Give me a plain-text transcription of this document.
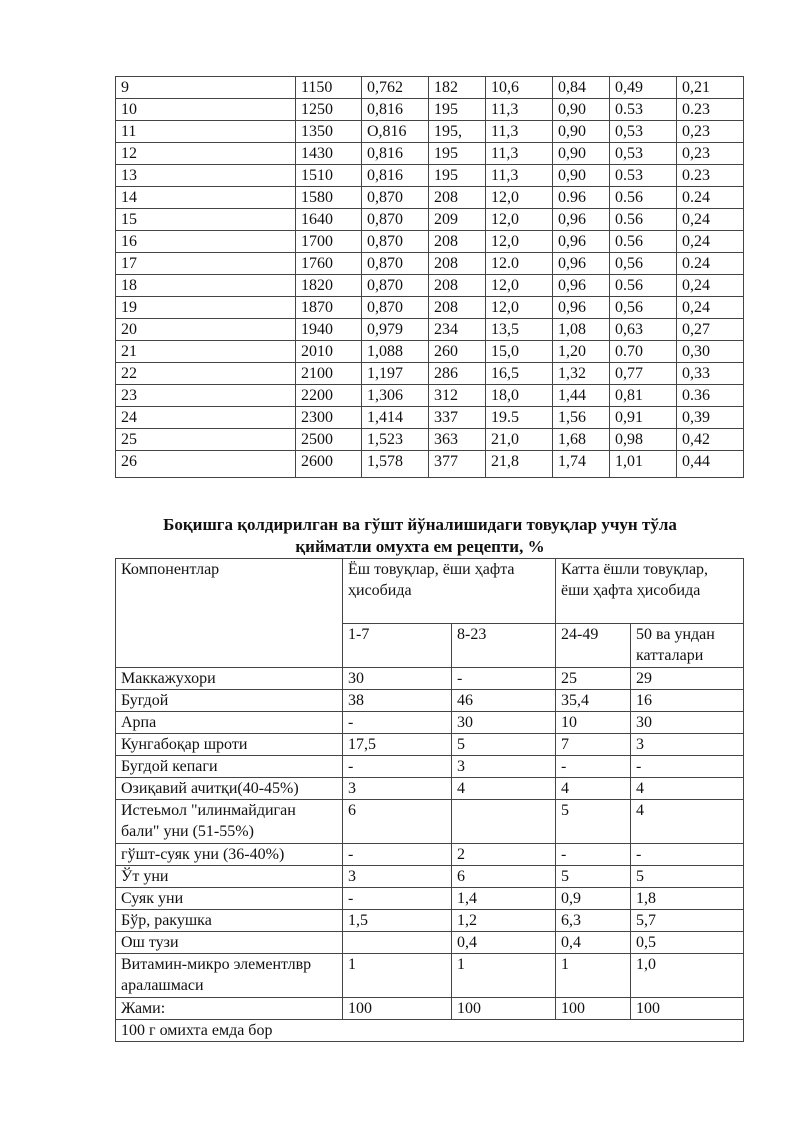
9	1150	0,762	182	10,6	0,84	0,49	0,21
10	1250	0,816	195	11,3	0,90	0.53	0.23
11	1350	O,816	195,	11,3	0,90	0,53	0,23
12	1430	0,816	195	11,3	0,90	0,53	0,23
13	1510	0,816	195	11,3	0,90	0.53	0.23
14	1580	0,870	208	12,0	0.96	0.56	0.24
15	1640	0,870	209	12,0	0,96	0.56	0,24
16	1700	0,870	208	12,0	0,96	0.56	0,24
17	1760	0,870	208	12.0	0,96	0,56	0.24
18	1820	0,870	208	12,0	0,96	0.56	0,24
19	1870	0,870	208	12,0	0,96	0,56	0,24
20	1940	0,979	234	13,5	1,08	0,63	0,27
21	2010	1,088	260	15,0	1,20	0.70	0,30
22	2100	1,197	286	16,5	1,32	0,77	0,33
23	2200	1,306	312	18,0	1,44	0,81	0.36
24	2300	1,414	337	19.5	1,56	0,91	0,39
25	2500	1,523	363	21,0	1,68	0,98	0,42
26	2600	1,578	377	21,8	1,74	1,01	0,44
Боқишга қолдирилган ва гўшт йўналишидаги товуқлар учун тўла
қийматли омухта ем рецепти, %
Компонентлар	Ёш товуқлар, ёши ҳафта ҳисобида		Катта ёшли товуқлар, ёши ҳафта ҳисобида	
	1-7	8-23	24-49	50 ва ундан катталари
Маккажухори	30	-	25	29
Бугдой	38	46	35,4	16
Арпа	-	30	10	30
Кунгабоқар шроти	17,5	5	7	3
Бугдой кепаги	-	3	-	-
Озиқавий ачитқи(40-45%)	3	4	4	4
Истеьмол "илинмайдиган бали" уни (51-55%)	6		5	4
гўшт-суяк уни (36-40%)	-	2	-	-
Ўт уни	3	6	5	5
Суяк уни	-	1,4	0,9	1,8
Бўр, ракушка	1,5	1,2	6,3	5,7
Ош тузи		0,4	0,4	0,5
Витамин-микро элементлвр аралашмаси	1	1	1	1,0
Жами:	100	100	100	100
100 г омихта емда бор				
